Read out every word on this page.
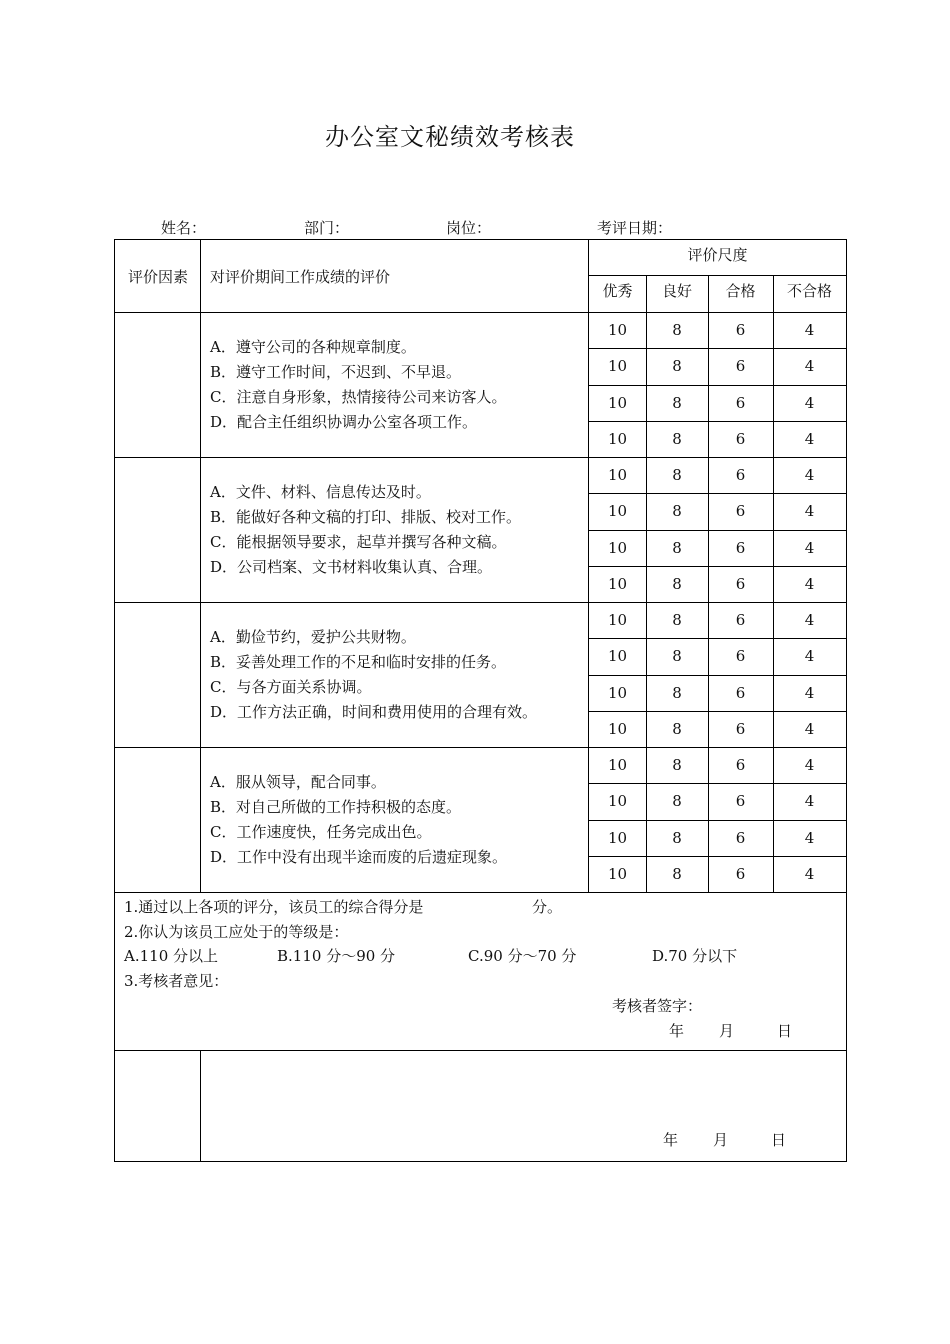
办公室文秘绩效考核表
姓名：	部门：	岗位：	考评日期：
评价因素	对评价期间工作成绩的评价
评价尺度
优秀	良好	合格	不合格
A．遵守公司的各种规章制度。
B．遵守工作时间，不迟到、不早退。
C．注意自身形象，热情接待公司来访客人。
D．配合主任组织协调办公室各项工作。
10	8	6	4
10	8	6	4
10	8	6	4
10	8	6	4
A．文件、材料、信息传达及时。
B．能做好各种文稿的打印、排版、校对工作。
C．能根据领导要求，起草并撰写各种文稿。
D．公司档案、文书材料收集认真、合理。
10	8	6	4
10	8	6	4
10	8	6	4
10	8	6	4
A．勤俭节约，爱护公共财物。
B．妥善处理工作的不足和临时安排的任务。
C．与各方面关系协调。
D．工作方法正确，时间和费用使用的合理有效。
10	8	6	4
10	8	6	4
10	8	6	4
10	8	6	4
A．服从领导，配合同事。
B．对自己所做的工作持积极的态度。
C．工作速度快，任务完成出色。
D．工作中没有出现半途而废的后遗症现象。
10	8	6	4
10	8	6	4
10	8	6	4
10	8	6	4
1.通过以上各项的评分，该员工的综合得分是	分。
2.你认为该员工应处于的等级是：
A.110 分以上	B.110 分～90 分	C.90 分～70 分	D.70 分以下
3.考核者意见：
考核者签字：
年 月	日
年 月	日
